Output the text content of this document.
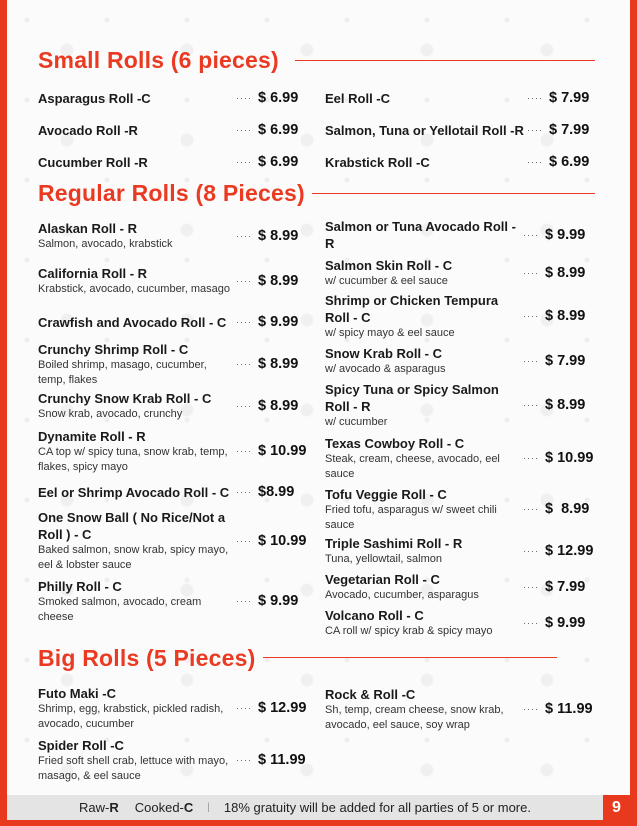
Small Rolls (6 pieces)
Regular Rolls (8 Pieces)
Big Rolls (5 Pieces)
Asparagus Roll -C	···· $ 6.99
Avocado Roll -R	···· $ 6.99
Cucumber Roll -R	···· $ 6.99
Eel Roll -C	···· $ 7.99
Salmon, Tuna or Yellotail Roll -R ···· $ 7.99
Krabstick Roll -C	···· $ 6.99
Alaskan Roll - R
Salmon, avocado, krabstick
···· $ 8.99
California Roll - R
Krabstick, avocado, cucumber, masago
···· $ 8.99
Crawfish and Avocado Roll - C	···· $ 9.99
Crunchy Shrimp Roll - C
Boiled shrimp, masago, cucumber, temp, flakes
···· $ 8.99
Crunchy Snow Krab Roll - C
Snow krab, avocado, crunchy
···· $ 8.99
Dynamite Roll - R
CA top w/ spicy tuna, snow krab, temp, flakes, spicy mayo
···· $ 10.99
Eel or Shrimp Avocado Roll - C ···· $8.99
One Snow Ball ( No Rice/Not a Roll ) - C
Baked salmon, snow krab, spicy mayo, eel & lobster sauce
···· $ 10.99
Philly Roll - C
Smoked salmon, avocado, cream cheese
···· $ 9.99
Salmon or Tuna Avocado Roll - R
···· $ 9.99
Salmon Skin Roll - C
w/ cucumber & eel sauce
···· $ 8.99
Shrimp or Chicken Tempura Roll - C
w/ spicy mayo & eel sauce
···· $ 8.99
Snow Krab Roll - C
w/ avocado & asparagus
···· $ 7.99
Spicy Tuna or Spicy Salmon Roll - R
w/ cucumber
···· $ 8.99
Texas Cowboy Roll - C
Steak, cream, cheese, avocado, eel sauce
···· $ 10.99
Tofu Veggie Roll - C
Fried tofu, asparagus w/ sweet chili sauce
···· $  8.99
Triple Sashimi Roll - R
Tuna, yellowtail, salmon
···· $ 12.99
Vegetarian Roll - C
Avocado, cucumber, asparagus
···· $ 7.99
Volcano Roll - C
CA roll w/ spicy krab & spicy mayo
···· $ 9.99
Futo Maki -C
Shrimp, egg, krabstick, pickled radish, avocado, cucumber
···· $ 12.99
Spider Roll -C
Fried soft shell crab, lettuce with mayo, masago, & eel sauce
···· $ 11.99
Rock & Roll -C
Sh, temp, cream cheese, snow krab, avocado, eel sauce, soy wrap
···· $ 11.99
Raw-R Cooked-C | 18% gratuity will be added for all parties of 5 or more.	9
